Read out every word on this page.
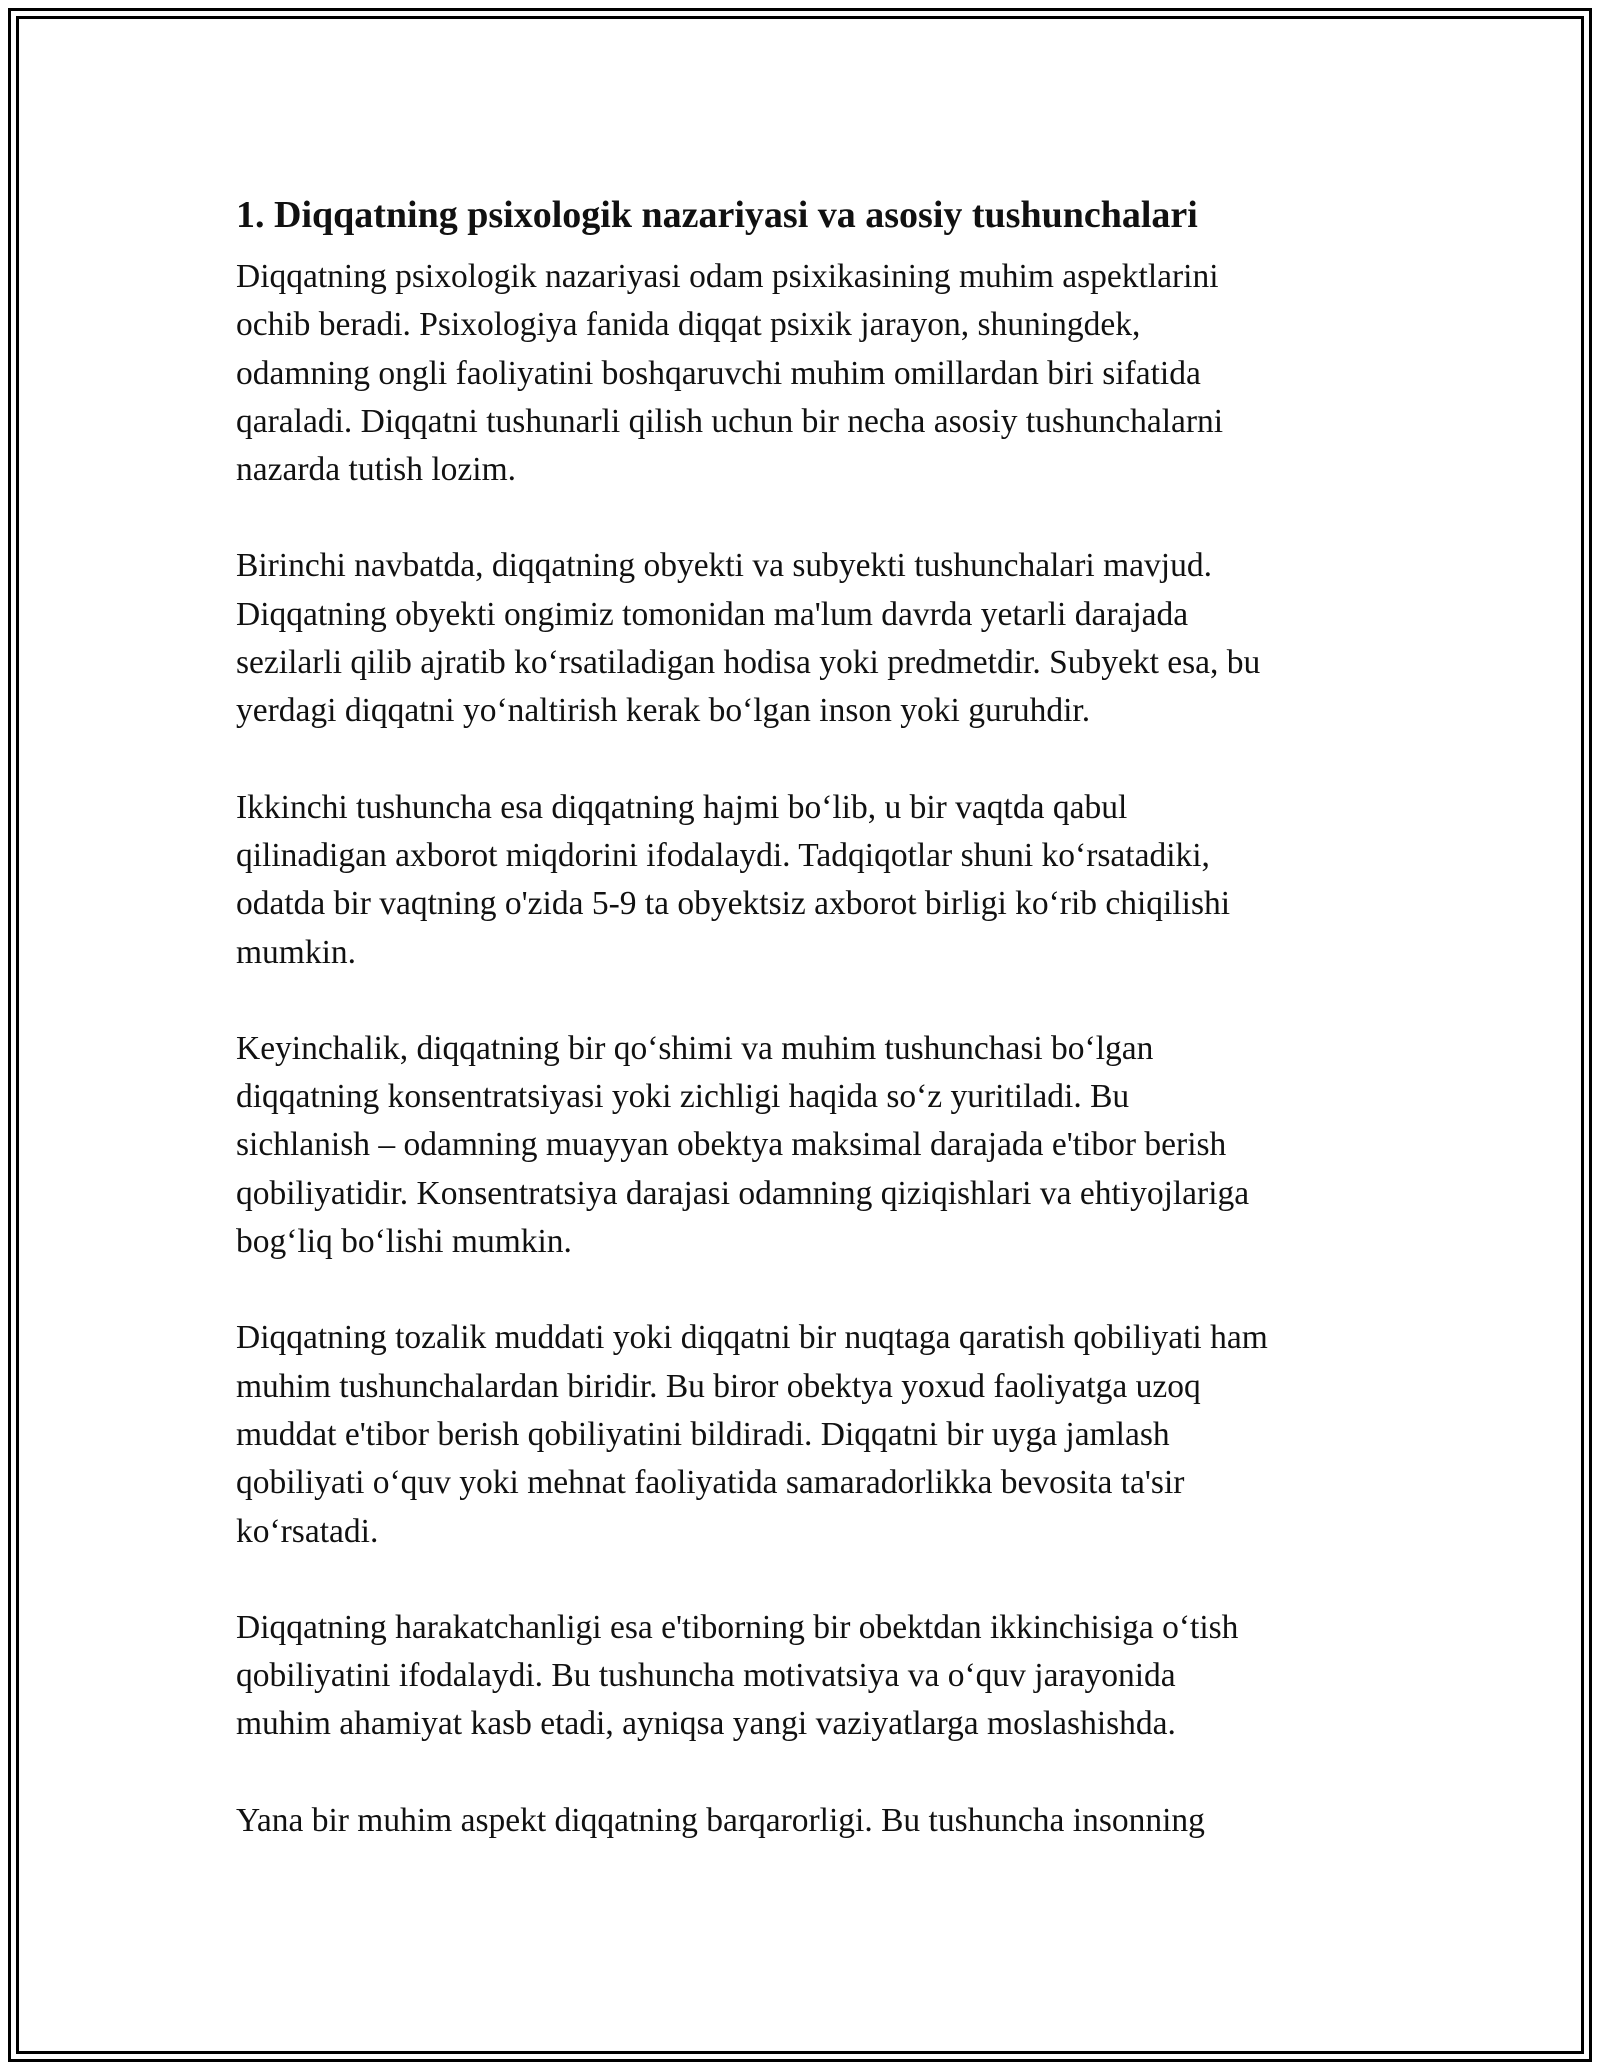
1. Diqqatning psixologik nazariyasi va asosiy tushunchalari
Diqqatning psixologik nazariyasi odam psixikasining muhim aspektlarini
ochib beradi. Psixologiya fanida diqqat psixik jarayon, shuningdek,
odamning ongli faoliyatini boshqaruvchi muhim omillardan biri sifatida
qaraladi. Diqqatni tushunarli qilish uchun bir necha asosiy tushunchalarni
nazarda tutish lozim.
Birinchi navbatda, diqqatning obyekti va subyekti tushunchalari mavjud.
Diqqatning obyekti ongimiz tomonidan ma'lum davrda yetarli darajada
sezilarli qilib ajratib ko‘rsatiladigan hodisa yoki predmetdir. Subyekt esa, bu
yerdagi diqqatni yo‘naltirish kerak bo‘lgan inson yoki guruhdir.
Ikkinchi tushuncha esa diqqatning hajmi bo‘lib, u bir vaqtda qabul
qilinadigan axborot miqdorini ifodalaydi. Tadqiqotlar shuni ko‘rsatadiki,
odatda bir vaqtning o'zida 5-9 ta obyektsiz axborot birligi ko‘rib chiqilishi
mumkin.
Keyinchalik, diqqatning bir qo‘shimi va muhim tushunchasi bo‘lgan
diqqatning konsentratsiyasi yoki zichligi haqida so‘z yuritiladi. Bu
sichlanish – odamning muayyan obektya maksimal darajada e'tibor berish
qobiliyatidir. Konsentratsiya darajasi odamning qiziqishlari va ehtiyojlariga
bog‘liq bo‘lishi mumkin.
Diqqatning tozalik muddati yoki diqqatni bir nuqtaga qaratish qobiliyati ham
muhim tushunchalardan biridir. Bu biror obektya yoxud faoliyatga uzoq
muddat e'tibor berish qobiliyatini bildiradi. Diqqatni bir uyga jamlash
qobiliyati o‘quv yoki mehnat faoliyatida samaradorlikka bevosita ta'sir
ko‘rsatadi.
Diqqatning harakatchanligi esa e'tiborning bir obektdan ikkinchisiga o‘tish
qobiliyatini ifodalaydi. Bu tushuncha motivatsiya va o‘quv jarayonida
muhim ahamiyat kasb etadi, ayniqsa yangi vaziyatlarga moslashishda.
Yana bir muhim aspekt diqqatning barqarorligi. Bu tushuncha insonning
